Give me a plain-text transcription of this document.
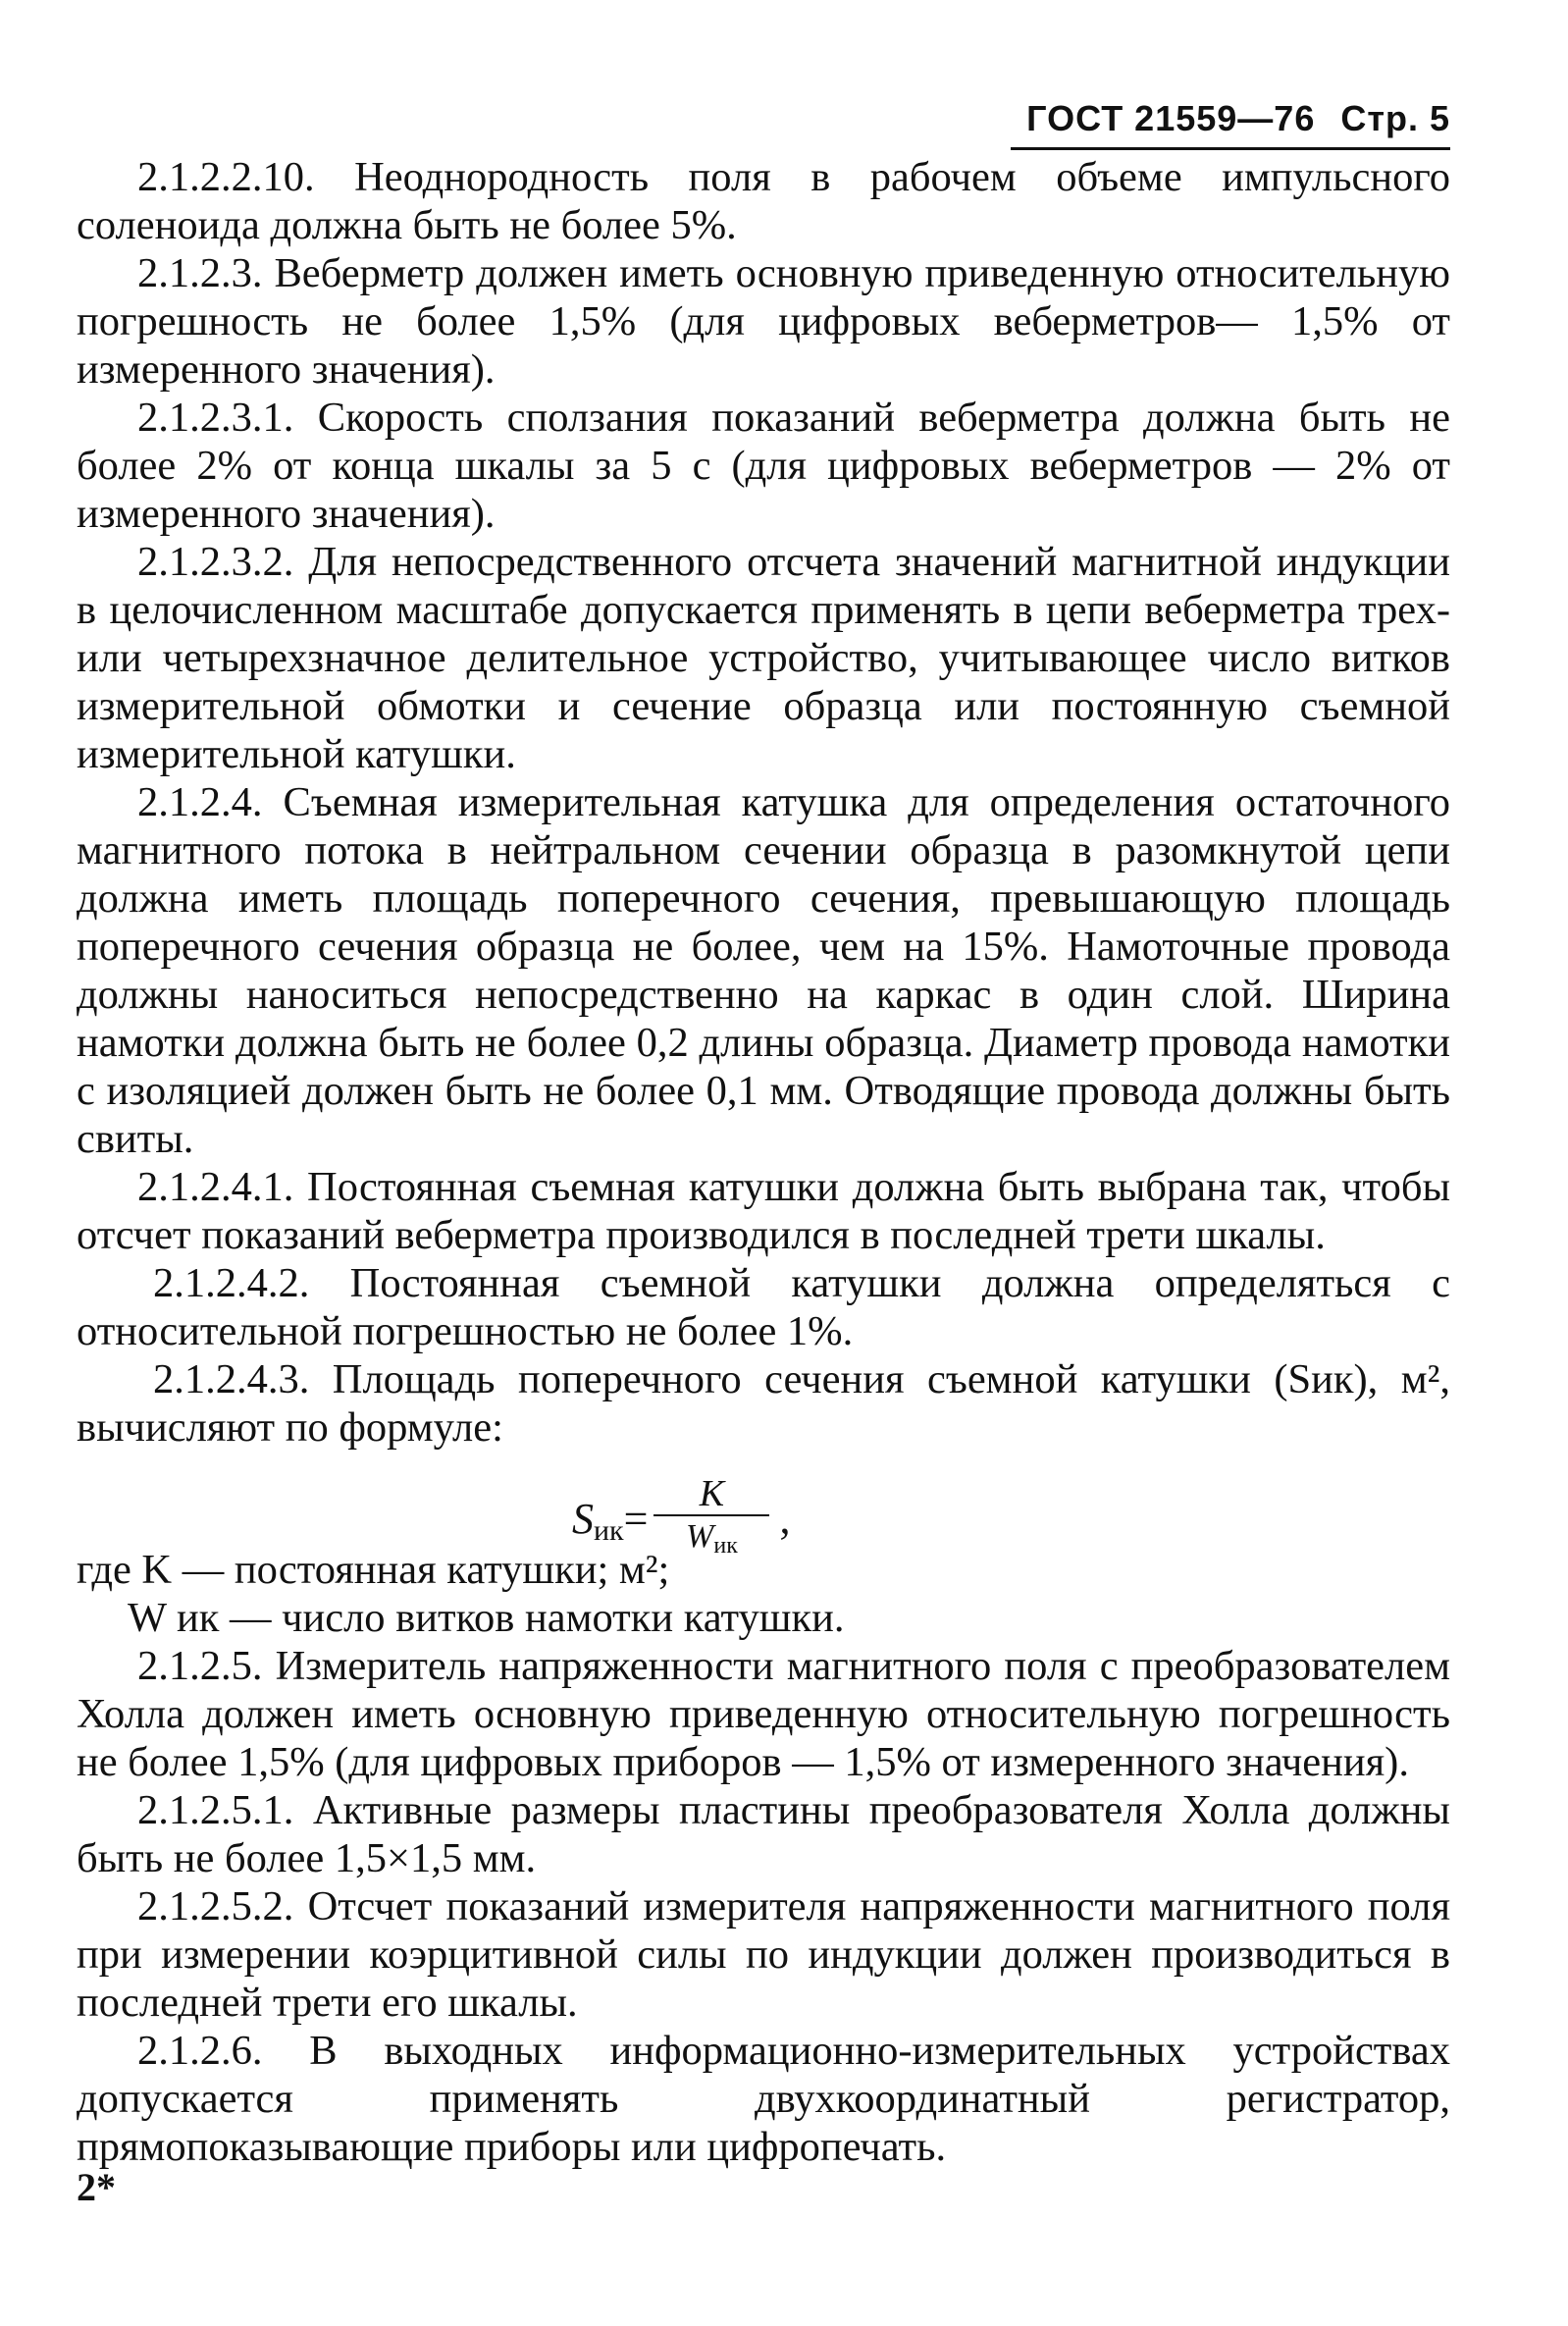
ГОСТ 21559—76 Стр. 5

2.1.2.2.10. Неоднородность поля в рабочем объеме импульсного соленоида должна быть не более 5%.

2.1.2.3. Веберметр должен иметь основную приведенную относительную погрешность не более 1,5% (для цифровых веберметров— 1,5% от измеренного значения).

2.1.2.3.1. Скорость сползания показаний веберметра должна быть не более 2% от конца шкалы за 5 с (для цифровых веберметров — 2% от измеренного значения).

2.1.2.3.2. Для непосредственного отсчета значений магнитной индукции в целочисленном масштабе допускается применять в цепи веберметра трех- или четырехзначное делительное устройство, учитывающее число витков измерительной обмотки и сечение образца или постоянную съемной измерительной катушки.

2.1.2.4. Съемная измерительная катушка для определения остаточного магнитного потока в нейтральном сечении образца в разомкнутой цепи должна иметь площадь поперечного сечения, превышающую площадь поперечного сечения образца не более, чем на 15%. Намоточные провода должны наноситься непосредственно на каркас в один слой. Ширина намотки должна быть не более 0,2 длины образца. Диаметр провода намотки с изоляцией должен быть не более 0,1 мм. Отводящие провода должны быть свиты.

2.1.2.4.1. Постоянная съемная катушки должна быть выбрана так, чтобы отсчет показаний веберметра производился в последней трети шкалы.

2.1.2.4.2. Постоянная съемной катушки должна определяться с относительной погрешностью не более 1%.

2.1.2.4.3. Площадь поперечного сечения съемной катушки (Sик), м², вычисляют по формуле:

S ик = $\frac{K}{\text{Wик}}$ ,
где K — постоянная катушки; м²;
W ик — число витков намотки катушки.

2.1.2.5. Измеритель напряженности магнитного поля с преобразователем Холла должен иметь основную приведенную относительную погрешность не более 1,5% (для цифровых приборов — 1,5% от измеренного значения).

2.1.2.5.1. Активные размеры пластины преобразователя Холла должны быть не более 1,5×1,5 мм.

2.1.2.5.2. Отсчет показаний измерителя напряженности магнитного поля при измерении коэрцитивной силы по индукции должен производиться в последней трети его шкалы.

2.1.2.6. В выходных информационно-измерительных устройствах допускается применять двухкоординатный регистратор, прямопоказывающие приборы или цифропечать.

2*
